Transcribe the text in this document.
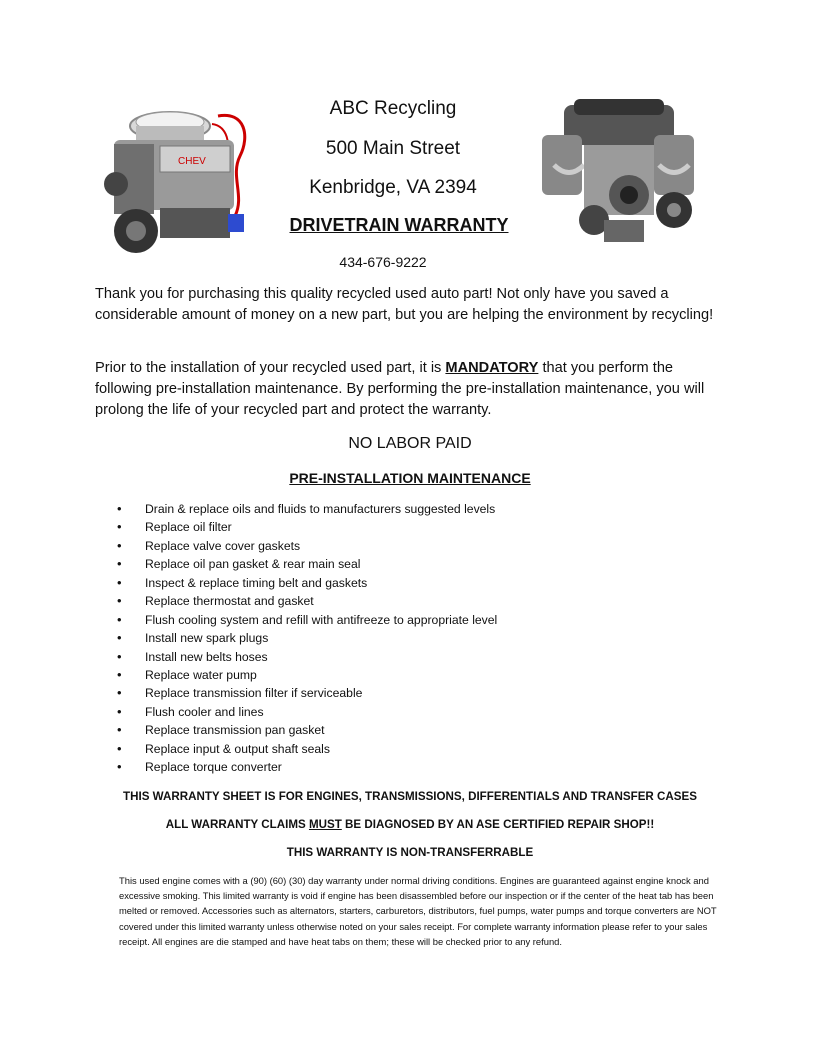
CHEV
ABC Recycling
500 Main Street
Kenbridge, VA 2394
DRIVETRAIN WARRANTY
434-676-9222
Thank you for purchasing this quality recycled used auto part! Not only have you saved a considerable amount of money on a new part, but you are helping the environment by recycling!
Prior to the installation of your recycled used part, it is MANDATORY that you perform the following pre-installation maintenance. By performing the pre-installation maintenance, you will prolong the life of your recycled part and protect the warranty.
NO LABOR PAID
PRE-INSTALLATION MAINTENANCE
• Drain & replace oils and fluids to manufacturers suggested levels
• Replace oil filter
• Replace valve cover gaskets
• Replace oil pan gasket & rear main seal
• Inspect & replace timing belt and gaskets
• Replace thermostat and gasket
• Flush cooling system and refill with antifreeze to appropriate level
• Install new spark plugs
• Install new belts hoses
• Replace water pump
• Replace transmission filter if serviceable
• Flush cooler and lines
• Replace transmission pan gasket
• Replace input & output shaft seals
• Replace torque converter
THIS WARRANTY SHEET IS FOR ENGINES, TRANSMISSIONS, DIFFERENTIALS AND TRANSFER CASES
ALL WARRANTY CLAIMS MUST BE DIAGNOSED BY AN ASE CERTIFIED REPAIR SHOP!!
THIS WARRANTY IS NON-TRANSFERRABLE
This used engine comes with a (90) (60) (30) day warranty under normal driving conditions. Engines are guaranteed against engine knock and excessive smoking. This limited warranty is void if engine has been disassembled before our inspection or if the center of the heat tab has been melted or removed. Accessories such as alternators, starters, carburetors, distributors, fuel pumps, water pumps and torque converters are NOT covered under this limited warranty unless otherwise noted on your sales receipt. For complete warranty information please refer to your sales receipt. All engines are die stamped and have heat tabs on them; these will be checked prior to any refund.
